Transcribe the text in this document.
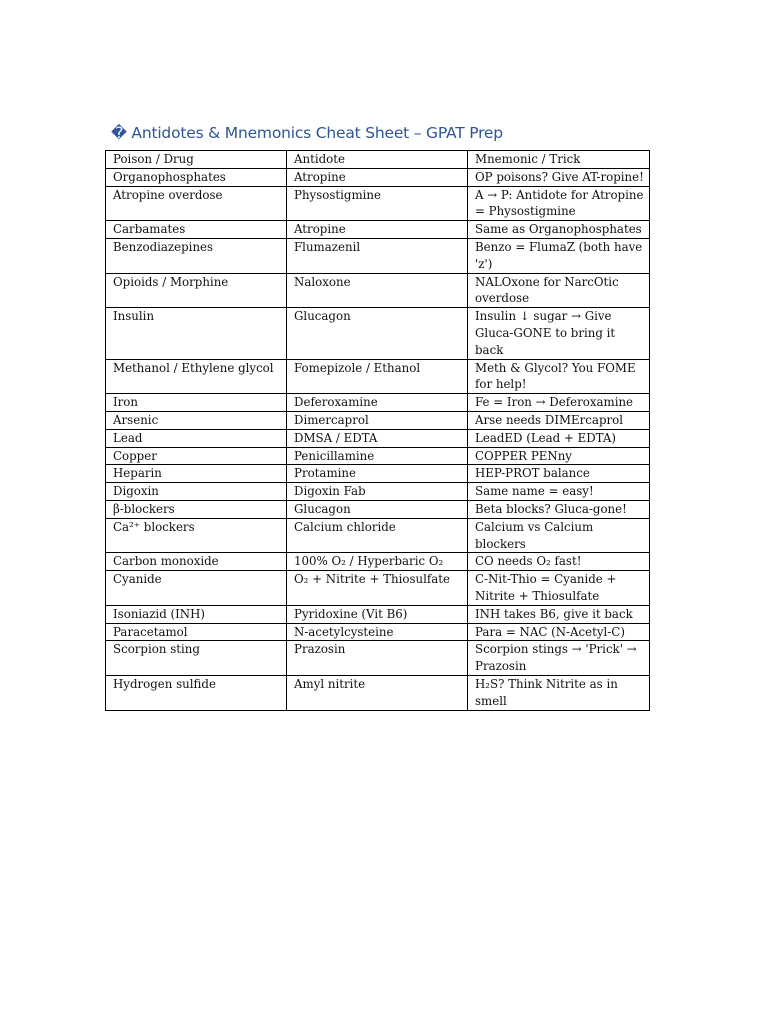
� Antidotes & Mnemonics Cheat Sheet – GPAT Prep
Poison / Drug	Antidote	Mnemonic / Trick
Organophosphates	Atropine	OP poisons? Give AT-ropine!
Atropine overdose	Physostigmine	A → P: Antidote for Atropine = Physostigmine
Carbamates	Atropine	Same as Organophosphates
Benzodiazepines	Flumazenil	Benzo = FlumaZ (both have 'z')
Opioids / Morphine	Naloxone	NALOxone for NarcOtic overdose
Insulin	Glucagon	Insulin ↓ sugar → Give Gluca-GONE to bring it back
Methanol / Ethylene glycol	Fomepizole / Ethanol	Meth & Glycol? You FOME for help!
Iron	Deferoxamine	Fe = Iron → Deferoxamine
Arsenic	Dimercaprol	Arse needs DIMErcaprol
Lead	DMSA / EDTA	LeadED (Lead + EDTA)
Copper	Penicillamine	COPPER PENny
Heparin	Protamine	HEP-PROT balance
Digoxin	Digoxin Fab	Same name = easy!
β-blockers	Glucagon	Beta blocks? Gluca-gone!
Ca²⁺ blockers	Calcium chloride	Calcium vs Calcium blockers
Carbon monoxide	100% O₂ / Hyperbaric O₂	CO needs O₂ fast!
Cyanide	O₂ + Nitrite + Thiosulfate	C-Nit-Thio = Cyanide + Nitrite + Thiosulfate
Isoniazid (INH)	Pyridoxine (Vit B6)	INH takes B6, give it back
Paracetamol	N-acetylcysteine	Para = NAC (N-Acetyl-C)
Scorpion sting	Prazosin	Scorpion stings → 'Prick' → Prazosin
Hydrogen sulfide	Amyl nitrite	H₂S? Think Nitrite as in smell
